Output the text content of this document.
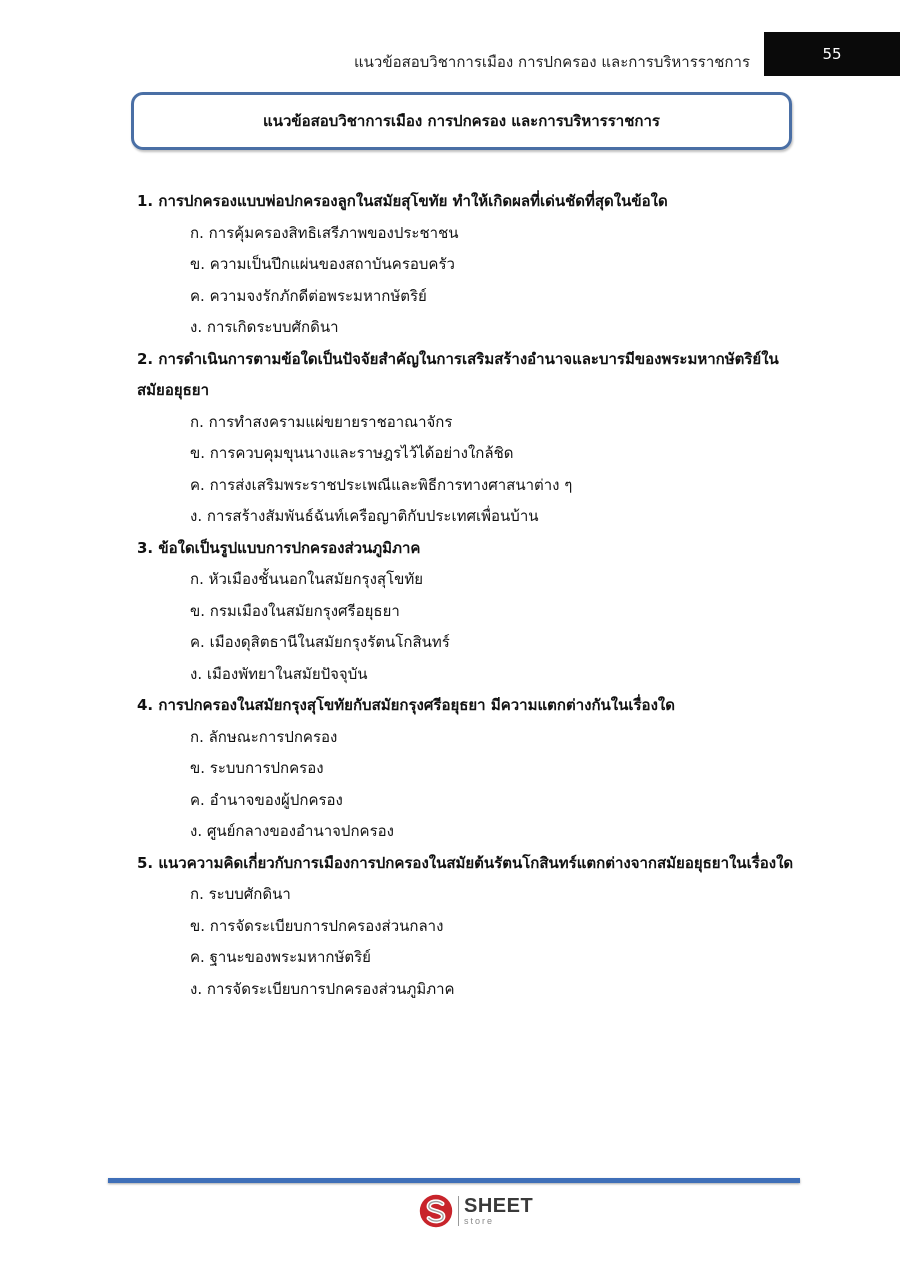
แนวข้อสอบวิชาการเมือง การปกครอง และการบริหารราชการ	55
แนวข้อสอบวิชาการเมือง การปกครอง และการบริหารราชการ
1. การปกครองแบบพ่อปกครองลูกในสมัยสุโขทัย ทำให้เกิดผลที่เด่นชัดที่สุดในข้อใด
ก. การคุ้มครองสิทธิเสรีภาพของประชาชน
ข. ความเป็นปึกแผ่นของสถาบันครอบครัว
ค. ความจงรักภักดีต่อพระมหากษัตริย์
ง. การเกิดระบบศักดินา
2. การดำเนินการตามข้อใดเป็นปัจจัยสำคัญในการเสริมสร้างอำนาจและบารมีของพระมหากษัตริย์ในสมัยอยุธยา
ก. การทำสงครามแผ่ขยายราชอาณาจักร
ข. การควบคุมขุนนางและราษฎรไว้ได้อย่างใกล้ชิด
ค. การส่งเสริมพระราชประเพณีและพิธีการทางศาสนาต่าง ๆ
ง. การสร้างสัมพันธ์ฉันท์เครือญาติกับประเทศเพื่อนบ้าน
3. ข้อใดเป็นรูปแบบการปกครองส่วนภูมิภาค
ก. หัวเมืองชั้นนอกในสมัยกรุงสุโขทัย
ข. กรมเมืองในสมัยกรุงศรีอยุธยา
ค. เมืองดุสิตธานีในสมัยกรุงรัตนโกสินทร์
ง. เมืองพัทยาในสมัยปัจจุบัน
4. การปกครองในสมัยกรุงสุโขทัยกับสมัยกรุงศรีอยุธยา มีความแตกต่างกันในเรื่องใด
ก. ลักษณะการปกครอง
ข. ระบบการปกครอง
ค. อำนาจของผู้ปกครอง
ง. ศูนย์กลางของอำนาจปกครอง
5. แนวความคิดเกี่ยวกับการเมืองการปกครองในสมัยต้นรัตนโกสินทร์แตกต่างจากสมัยอยุธยาในเรื่องใด
ก. ระบบศักดินา
ข. การจัดระเบียบการปกครองส่วนกลาง
ค. ฐานะของพระมหากษัตริย์
ง. การจัดระเบียบการปกครองส่วนภูมิภาค
SHEET
store
